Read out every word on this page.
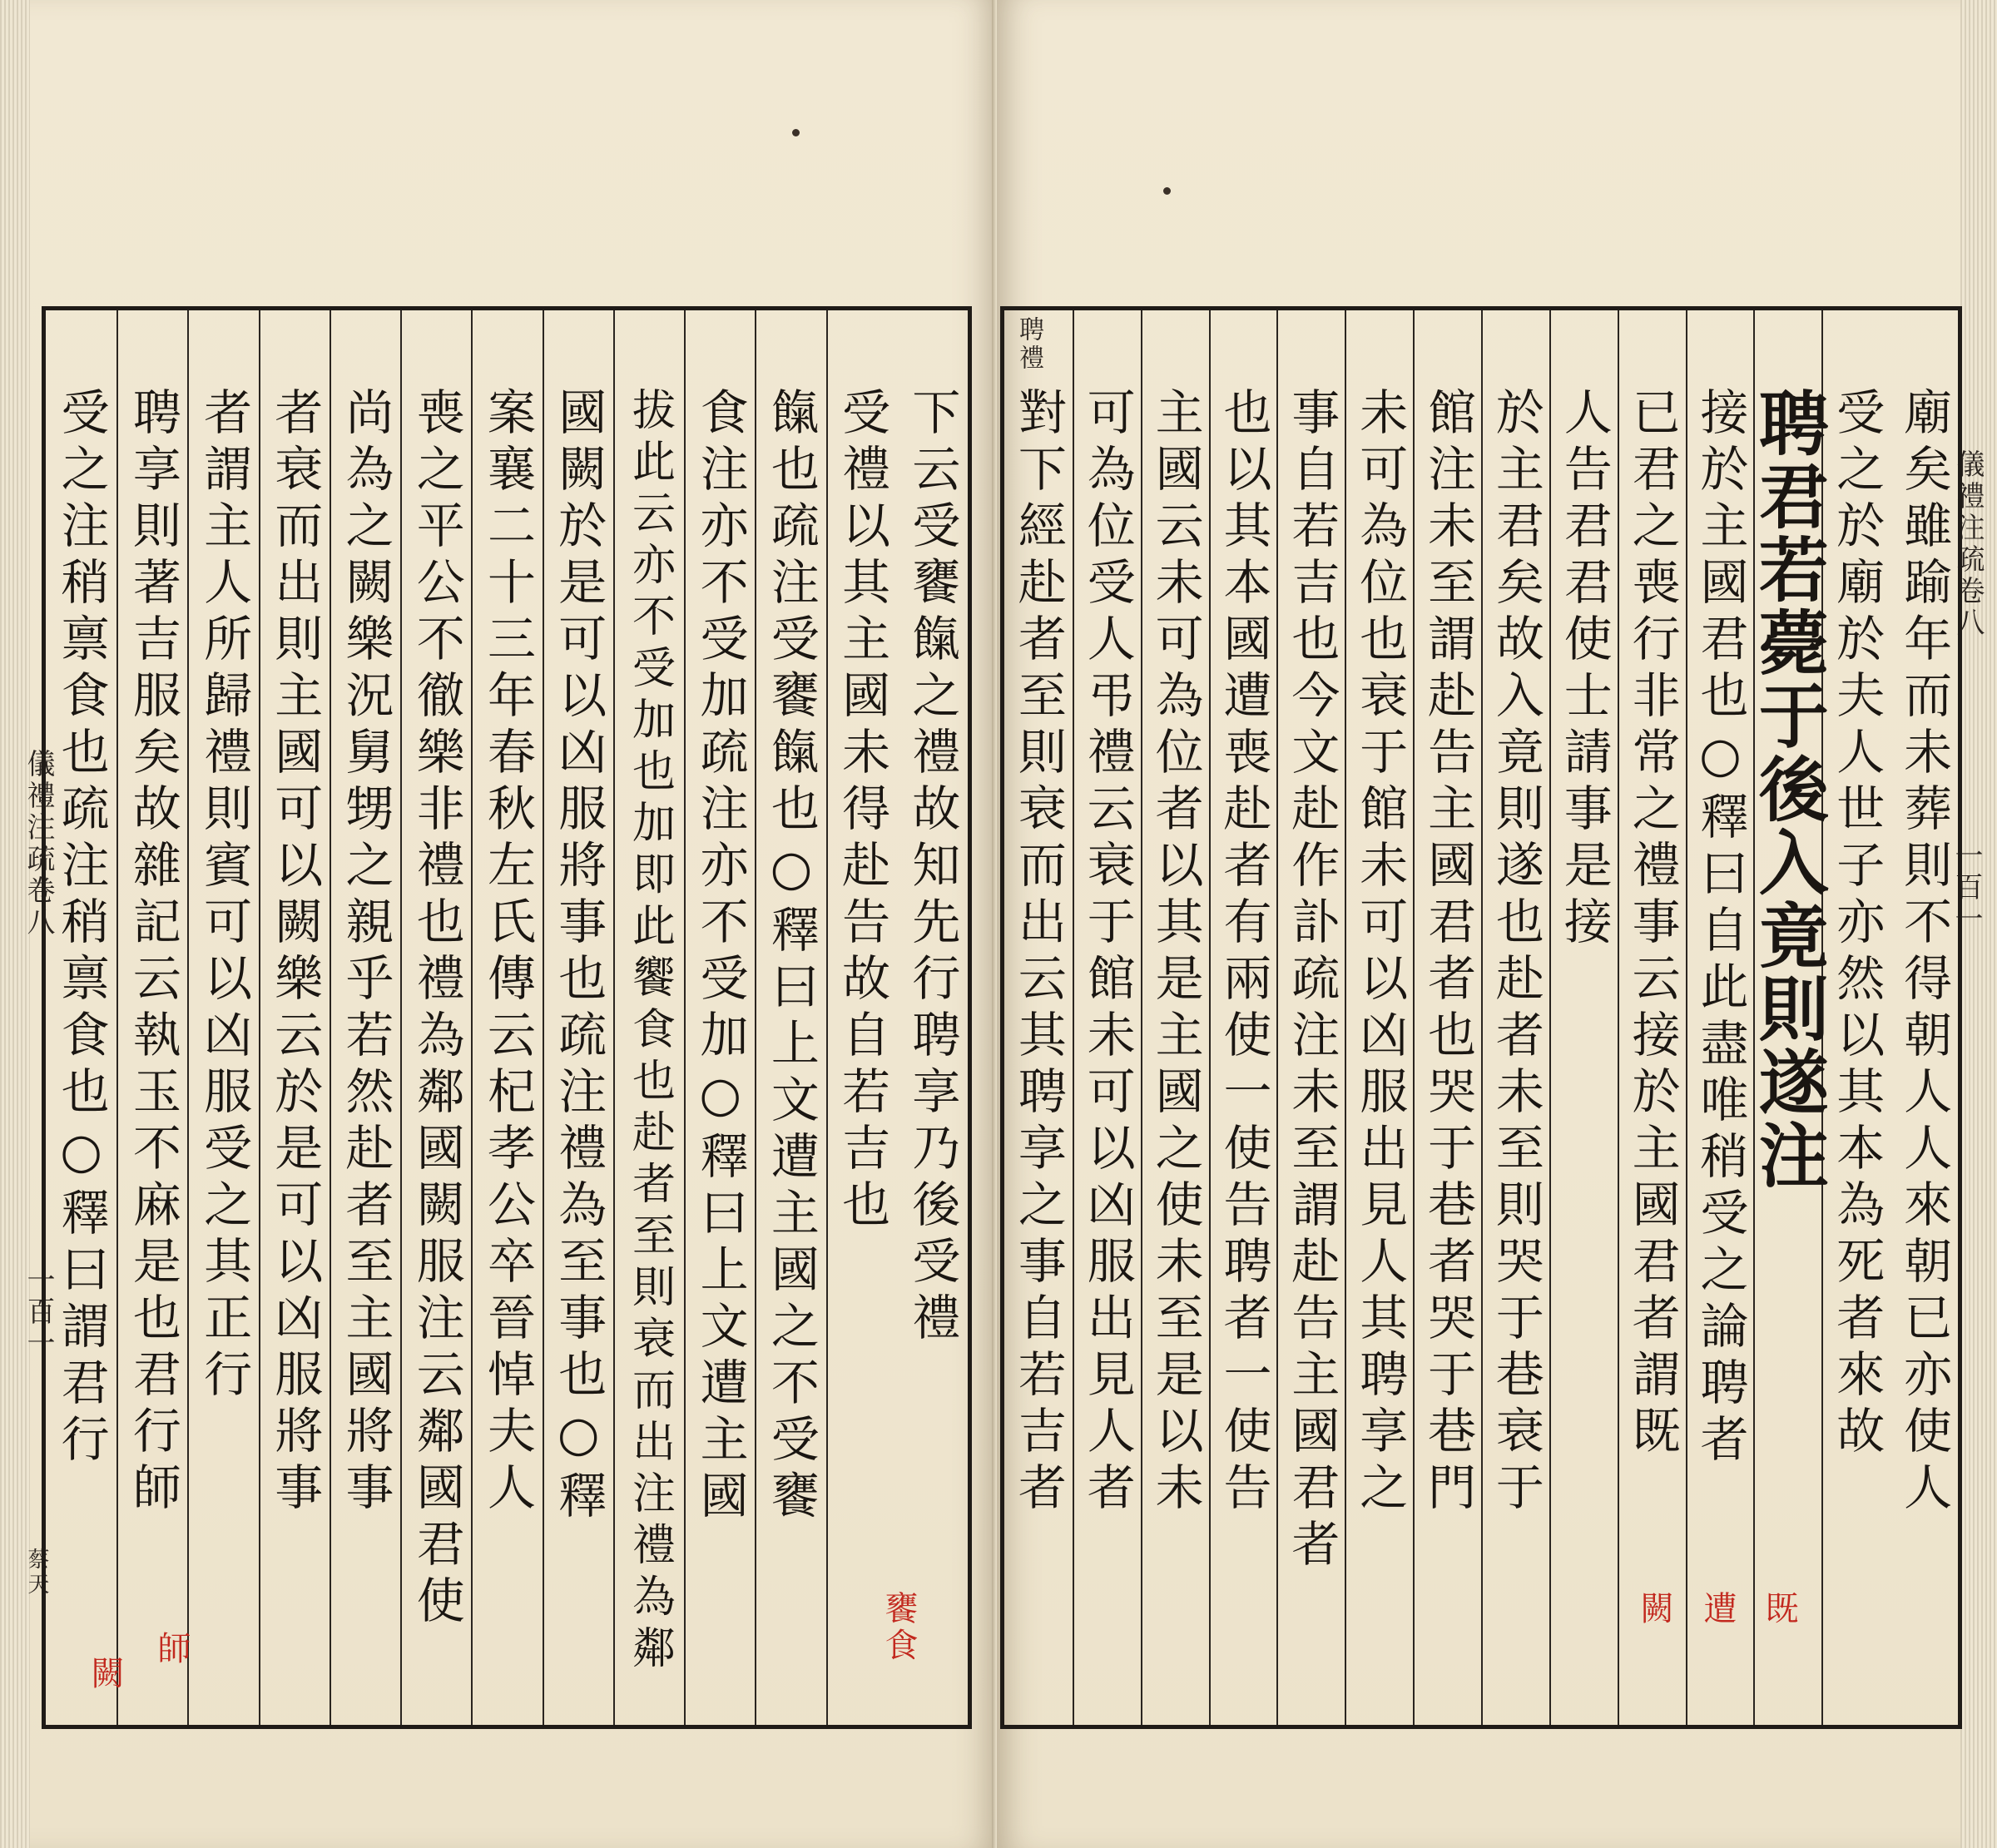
儀禮注疏卷八
一百一
蔡天
下云受饔餼之禮故知先行聘享乃後受禮
受禮以其主國未得赴告故自若吉也
餼也疏注受饔餼也○釋曰上文遭主國之不受饔
食注亦不受加疏注亦不受加○釋曰上文遭主國
拔此云亦不受加也加即此饗食也赴者至則衰而出注禮為鄰
國闕於是可以凶服將事也疏注禮為至事也○釋
案襄二十三年春秋左氏傳云杞孝公卒晉悼夫人
喪之平公不徹樂非禮也禮為鄰國闕服注云鄰國君使
尚為之闕樂況舅甥之親乎若然赴者至主國將事
者衰而出則主國可以闕樂云於是可以凶服將事
者謂主人所歸禮則賓可以凶服受之其正行
聘享則著吉服矣故雜記云執玉不麻是也君行師
受之注稍禀食也疏注稍禀食也○釋曰謂君行
饔食
師
闕
儀禮注疏卷八
一百一
聘禮
廟矣雖踰年而未葬則不得朝人人來朝已亦使人
受之於廟於夫人世子亦然以其本為死者來故
聘君若薨于後入竟則遂注
接於主國君也○釋曰自此盡唯稍受之論聘者
已君之喪行非常之禮事云接於主國君者謂既
人告君君使士請事是接
於主君矣故入竟則遂也赴者未至則哭于巷衰于
館注未至謂赴告主國君者也哭于巷者哭于巷門
未可為位也衰于館未可以凶服出見人其聘享之
事自若吉也今文赴作訃疏注未至謂赴告主國君者
也以其本國遭喪赴者有兩使一使告聘者一使告
主國云未可為位者以其是主國之使未至是以未
可為位受人弔禮云衰于館未可以凶服出見人者
對下經赴者至則衰而出云其聘享之事自若吉者
闕 遭 既
